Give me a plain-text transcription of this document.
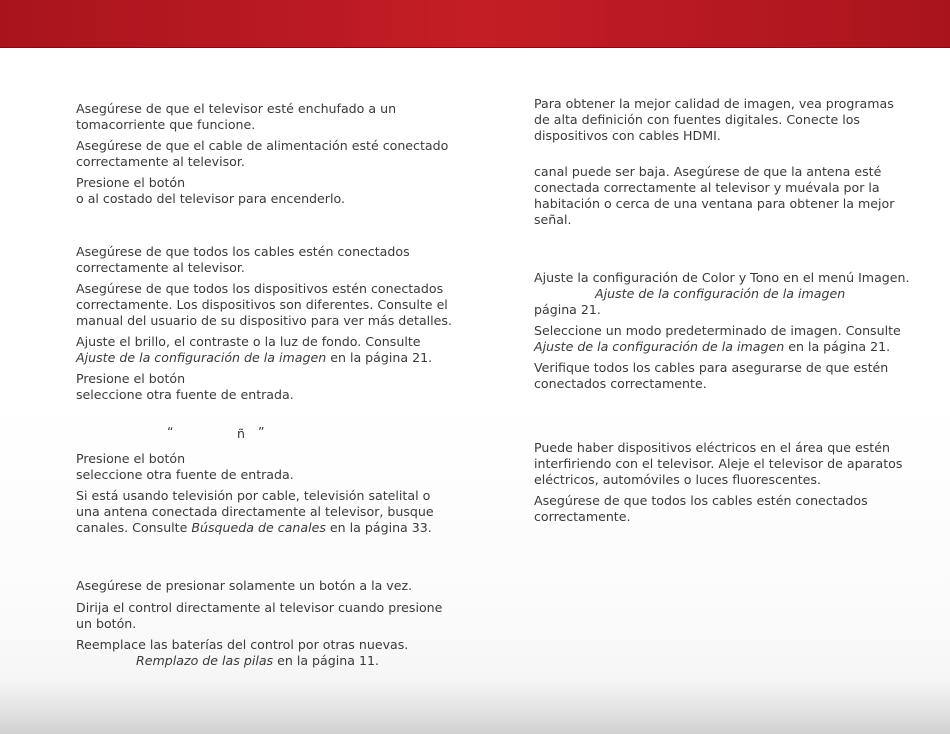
Asegúrese de que el televisor esté enchufado a un
tomacorriente que funcione.
Asegúrese de que el cable de alimentación esté conectado
correctamente al televisor.
Presione el botón
o al costado del televisor para encenderlo.
Asegúrese de que todos los cables estén conectados
correctamente al televisor.
Asegúrese de que todos los dispositivos estén conectados
correctamente. Los dispositivos son diferentes. Consulte el
manual del usuario de su dispositivo para ver más detalles.
Ajuste el brillo, el contraste o la luz de fondo. Consulte
Ajuste de la configuración de la imagen en la página 21.
Presione el botón
seleccione otra fuente de entrada.
“	ñ ”
Presione el botón
seleccione otra fuente de entrada.
Si está usando televisión por cable, televisión satelital o
una antena conectada directamente al televisor, busque
canales. Consulte Búsqueda de canales en la página 33.
Asegúrese de presionar solamente un botón a la vez.
Dirija el control directamente al televisor cuando presione
un botón.
Reemplace las baterías del control por otras nuevas.
Remplazo de las pilas en la página 11.
Para obtener la mejor calidad de imagen, vea programas
de alta definición con fuentes digitales. Conecte los
dispositivos con cables HDMI.
canal puede ser baja. Asegúrese de que la antena esté
conectada correctamente al televisor y muévala por la
habitación o cerca de una ventana para obtener la mejor
señal.
Ajuste la configuración de Color y Tono en el menú Imagen.
Ajuste de la configuración de la imagen
página 21.
Seleccione un modo predeterminado de imagen. Consulte
Ajuste de la configuración de la imagen en la página 21.
Verifique todos los cables para asegurarse de que estén
conectados correctamente.
Puede haber dispositivos eléctricos en el área que estén
interfiriendo con el televisor. Aleje el televisor de aparatos
eléctricos, automóviles o luces fluorescentes.
Asegúrese de que todos los cables estén conectados
correctamente.
